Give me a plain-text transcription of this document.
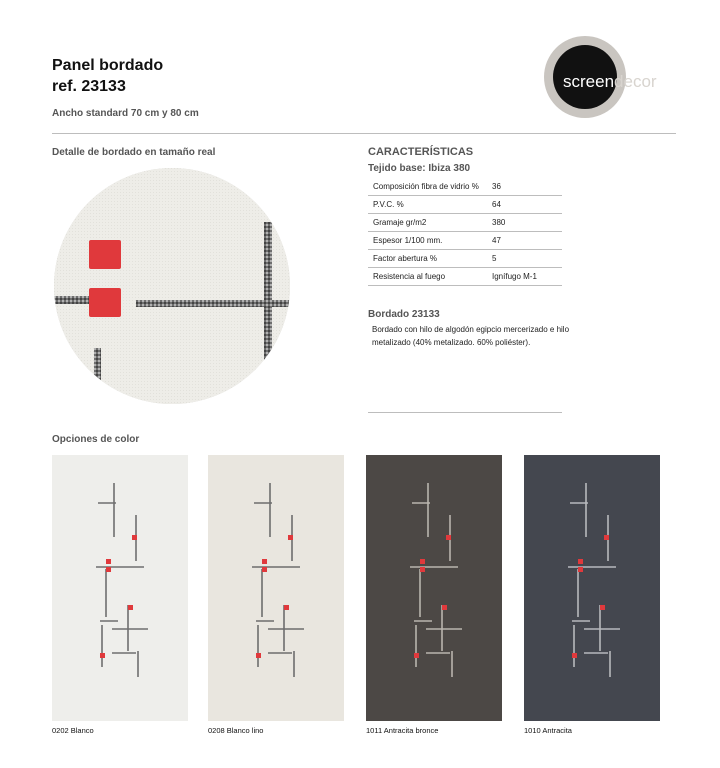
Panel bordado
ref. 23133
Ancho standard 70 cm y 80 cm
screendecor
Detalle de bordado en tamaño real	CARACTERÍSTICAS
Tejido base: Ibiza 380
Composición fibra de vidrio %	36
P.V.C. %	64
Gramaje gr/m2	380
Espesor 1/100 mm.	47
Factor abertura %	5
Resistencia al fuego	Ignífugo M-1
Bordado 23133
Bordado con hilo de algodón egipcio mercerizado e hilo metalizado (40% metalizado. 60% poliéster).
Opciones de color
0202 Blanco	0208 Blanco lino	1011 Antracita bronce	1010 Antracita
